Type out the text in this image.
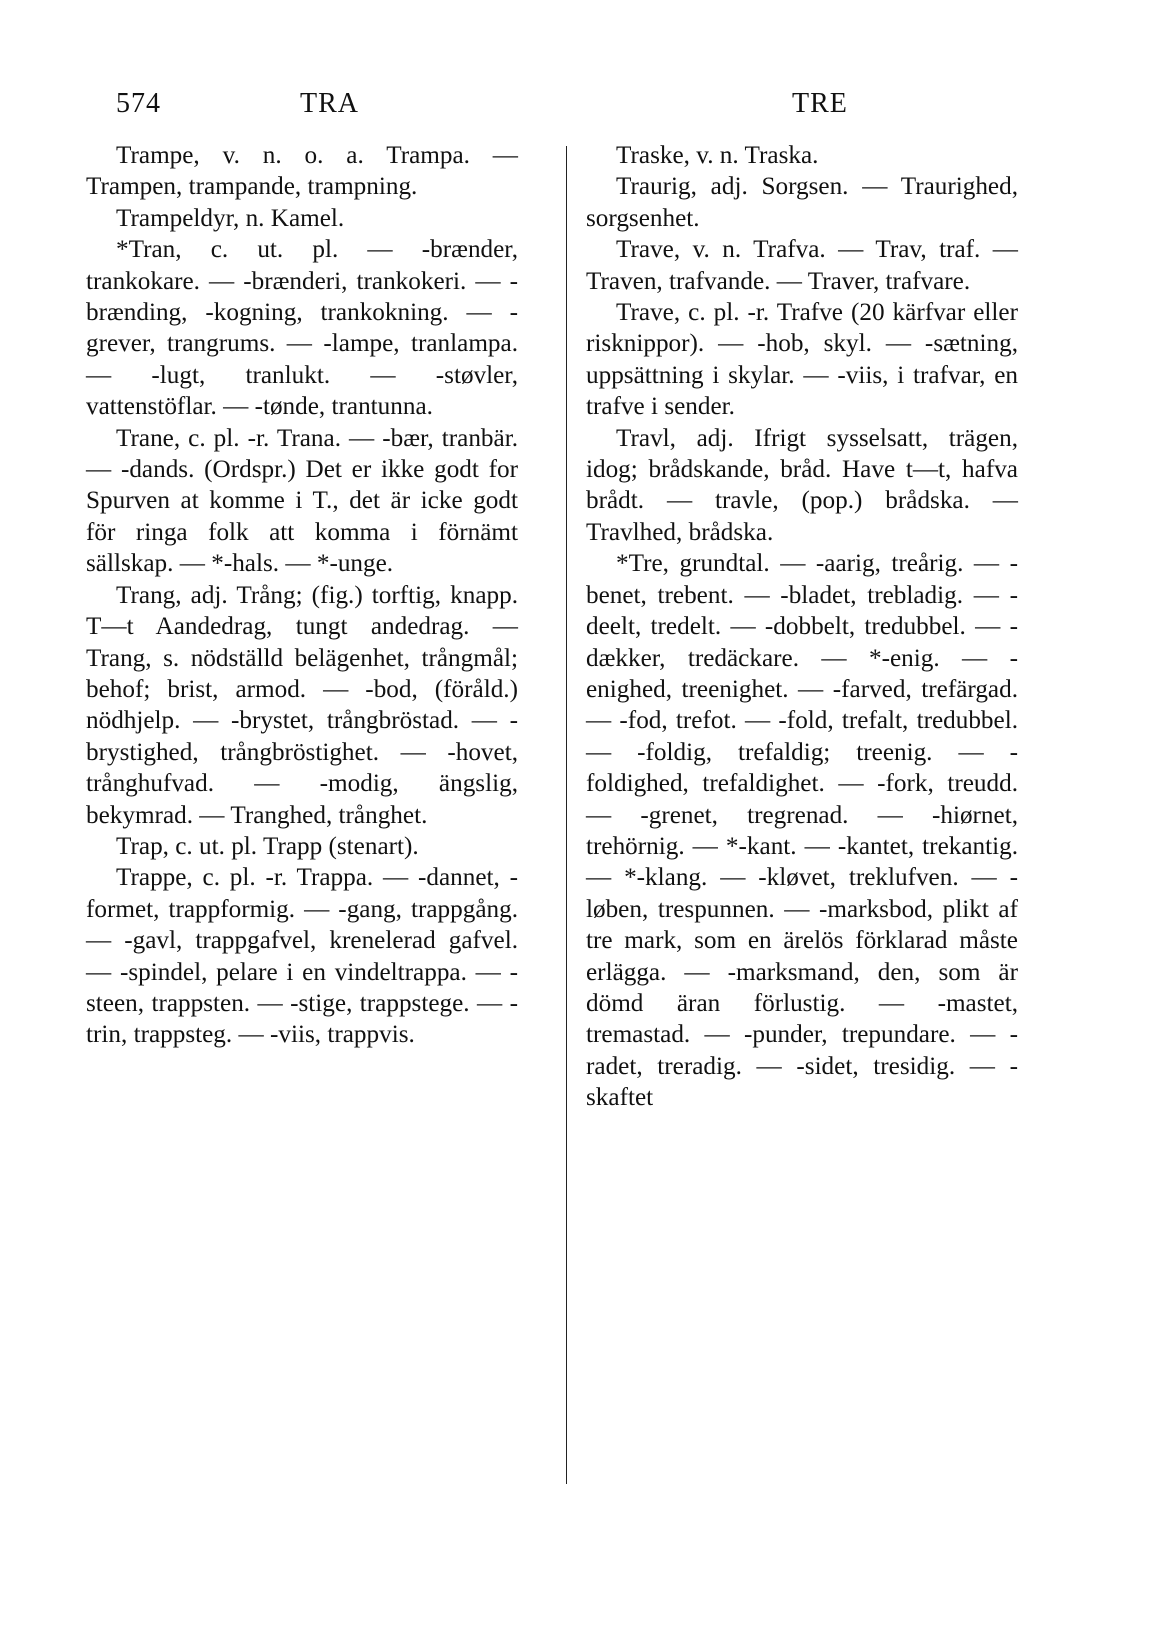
574	TRA	TRE

Trampe, v. n. o. a. Trampa. — Trampen, trampande, trampning.

Trampeldyr, n. Kamel.

*Tran, c. ut. pl. — -brænder, trankokare. — -brænderi, trankokeri. — -brænding, -kogning, trankokning. — -grever, trangrums. — -lampe, tranlampa. — -lugt, tranlukt. — -støvler, vattenstöflar. — -tønde, trantunna.

Trane, c. pl. -r. Trana. — -bær, tranbär. — -dands. (Ordspr.) Det er ikke godt for Spurven at komme i T., det är icke godt för ringa folk att komma i förnämt sällskap. — *-hals. — *-unge.

Trang, adj. Trång; (fig.) torftig, knapp. T—t Aandedrag, tungt andedrag. — Trang, s. nödställd belägenhet, trångmål; behof; brist, armod. — -bod, (föråld.) nödhjelp. — -brystet, trångbröstad. — -brystighed, trångbröstighet. — -hovet, trånghufvad. — -modig, ängslig, bekymrad. — Tranghed, trånghet.

Trap, c. ut. pl. Trapp (stenart).

Trappe, c. pl. -r. Trappa. — -dannet, -formet, trappformig. — -gang, trappgång. — -gavl, trappgafvel, krenelerad gafvel. — -spindel, pelare i en vindeltrappa. — -steen, trappsten. — -stige, trappstege. — -trin, trappsteg. — -viis, trappvis.

Traske, v. n. Traska.

Traurig, adj. Sorgsen. — Traurighed, sorgsenhet.

Trave, v. n. Trafva. — Trav, traf. — Traven, trafvande. — Traver, trafvare.

Trave, c. pl. -r. Trafve (20 kärfvar eller risknippor). — -hob, skyl. — -sætning, uppsättning i skylar. — -viis, i trafvar, en trafve i sender.

Travl, adj. Ifrigt sysselsatt, trägen, idog; brådskande, bråd. Have t—t, hafva brådt. — travle, (pop.) brådska. — Travlhed, brådska.

*Tre, grundtal. — -aarig, treårig. — -benet, trebent. — -bladet, trebladig. — -deelt, tredelt. — -dobbelt, tredubbel. — -dækker, tredäckare. — *-enig. — -enighed, treenighet. — -farved, trefärgad. — -fod, trefot. — -fold, trefalt, tredubbel. — -foldig, trefaldig; treenig. — -foldighed, trefaldighet. — -fork, treudd. — -grenet, tregrenad. — -hiørnet, trehörnig. — *-kant. — -kantet, trekantig. — *-klang. — -kløvet, treklufven. — -løben, trespunnen. — -marksbod, plikt af tre mark, som en ärelös förklarad måste erlägga. — -marksmand, den, som är dömd äran förlustig. — -mastet, tremastad. — -punder, trepundare. — -radet, treradig. — -sidet, tresidig. — -skaftet
